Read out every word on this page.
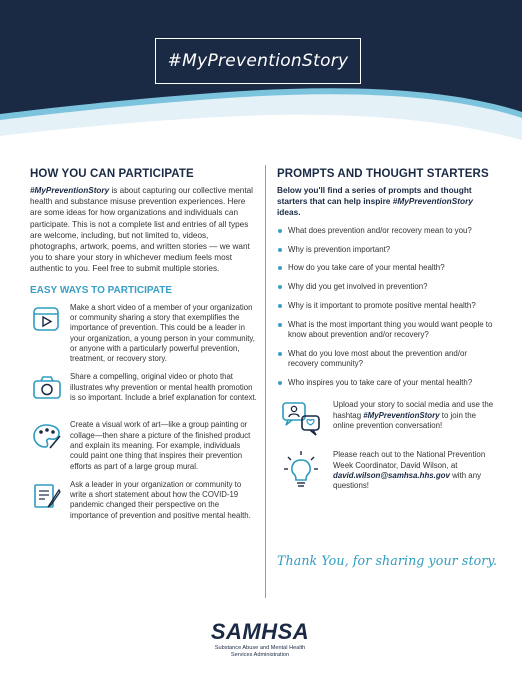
#MyPreventionStory
HOW YOU CAN PARTICIPATE

#MyPreventionStory is about capturing our collective mental health and substance misuse prevention experiences. Here are some ideas for how organizations and individuals can participate. This is not a complete list and entries of all types are welcome, including, but not limited to, videos, photographs, artwork, poems, and written stories — we want you to share your story in whichever medium feels most authentic to you. Feel free to submit multiple stories.

EASY WAYS TO PARTICIPATE
Make a short video of a member of your organization or community sharing a story that exemplifies the importance of prevention. This could be a leader in your organization, a young person in your community, or anyone with a particularly powerful prevention, treatment, or recovery story.
Share a compelling, original video or photo that illustrates why prevention or mental health promotion is so important. Include a brief explanation for context.
Create a visual work of art—like a group painting or collage—then share a picture of the finished product and explain its meaning. For example, individuals could paint one thing that inspires their prevention efforts as part of a large group mural.
Ask a leader in your organization or community to write a short statement about how the COVID-19 pandemic changed their perspective on the importance of prevention and positive mental health.
PROMPTS AND THOUGHT STARTERS

Below you'll find a series of prompts and thought starters that can help inspire #MyPreventionStory ideas.

What does prevention and/or recovery mean to you?
Why is prevention important?
How do you take care of your mental health?
Why did you get involved in prevention?
Why is it important to promote positive mental health?
What is the most important thing you would want people to know about prevention and/or recovery?
What do you love most about the prevention and/or recovery community?
Who inspires you to take care of your mental health?
Upload your story to social media and use the hashtag #MyPreventionStory to join the online prevention conversation!
Please reach out to the National Prevention Week Coordinator, David Wilson, at david.wilson@samhsa.hhs.gov with any questions!
Thank You, for sharing your story.
SAMHSA
Substance Abuse and Mental Health
Services Administration
